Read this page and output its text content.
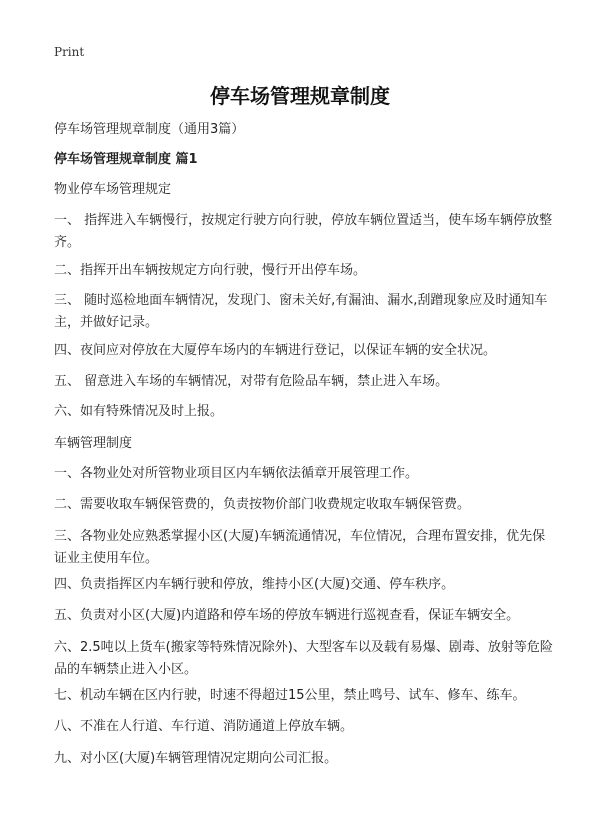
Print
停车场管理规章制度
停车场管理规章制度（通用3篇）
停车场管理规章制度 篇1
物业停车场管理规定
一、 指挥进入车辆慢行，按规定行驶方向行驶，停放车辆位置适当，使车场车辆停放整齐。
二、指挥开出车辆按规定方向行驶，慢行开出停车场。
三、 随时巡检地面车辆情况，发现门、窗未关好,有漏油、漏水,刮蹭现象应及时通知车主，并做好记录。
四、夜间应对停放在大厦停车场内的车辆进行登记，以保证车辆的安全状况。
五、 留意进入车场的车辆情况，对带有危险品车辆，禁止进入车场。
六、如有特殊情况及时上报。
车辆管理制度
一、各物业处对所管物业项目区内车辆依法循章开展管理工作。
二、需要收取车辆保管费的，负责按物价部门收费规定收取车辆保管费。
三、各物业处应熟悉掌握小区(大厦)车辆流通情况，车位情况，合理布置安排，优先保证业主使用车位。
四、负责指挥区内车辆行驶和停放，维持小区(大厦)交通、停车秩序。
五、负责对小区(大厦)内道路和停车场的停放车辆进行巡视查看，保证车辆安全。
六、2.5吨以上货车(搬家等特殊情况除外)、大型客车以及载有易爆、剧毒、放射等危险品的车辆禁止进入小区。
七、机动车辆在区内行驶，时速不得超过15公里，禁止鸣号、试车、修车、练车。
八、不准在人行道、车行道、消防通道上停放车辆。
九、对小区(大厦)车辆管理情况定期向公司汇报。
